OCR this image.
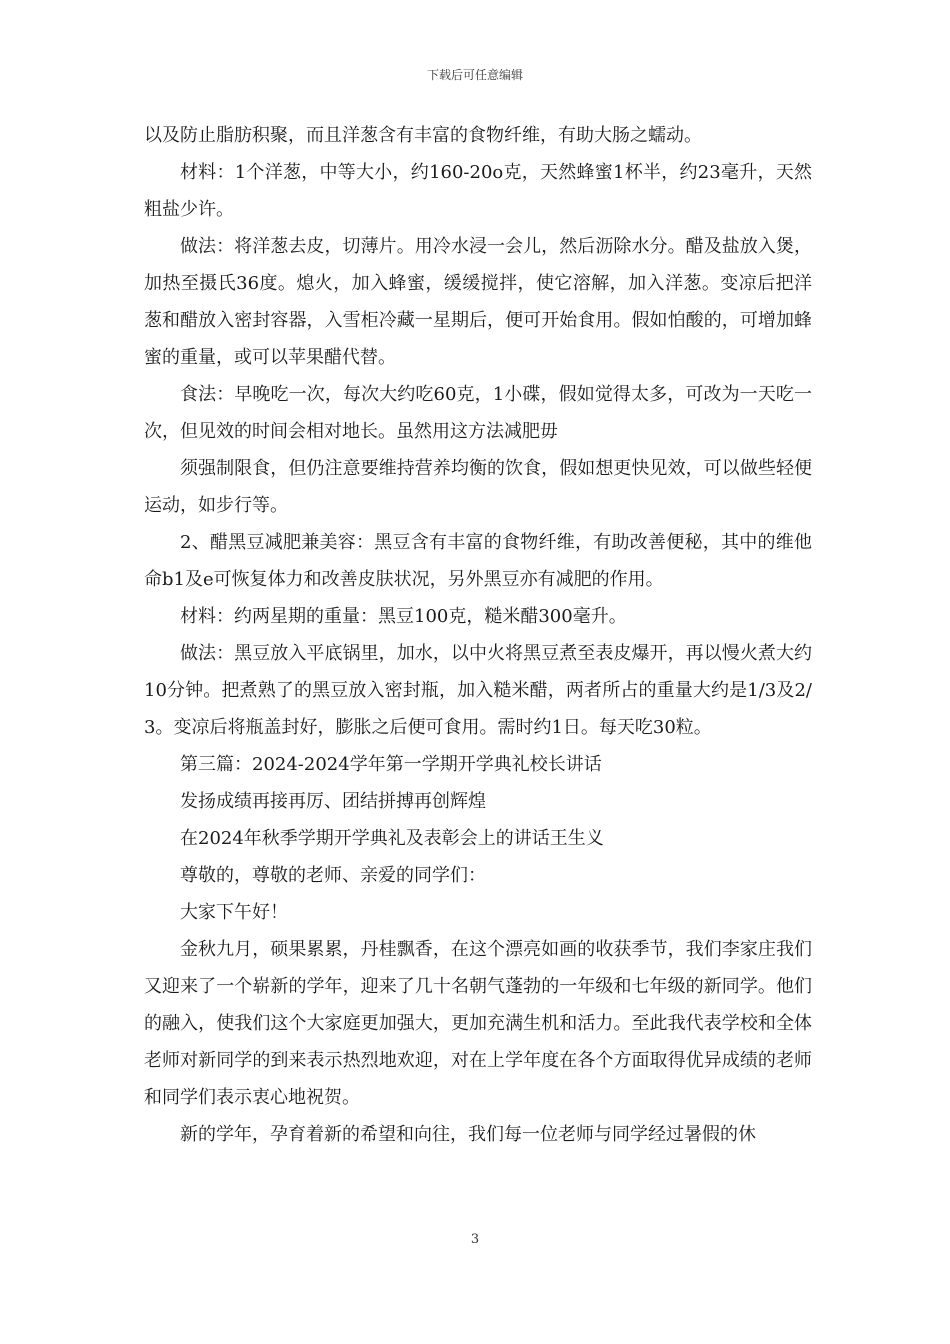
下载后可任意编辑

以及防止脂肪积聚，而且洋葱含有丰富的食物纤维，有助大肠之蠕动。

材料：1个洋葱，中等大小，约160-20o克，天然蜂蜜1杯半，约23毫升，天然粗盐少许。

做法：将洋葱去皮，切薄片。用冷水浸一会儿，然后沥除水分。醋及盐放入煲，加热至摄氏36度。熄火，加入蜂蜜，缓缓搅拌，使它溶解，加入洋葱。变凉后把洋葱和醋放入密封容器，入雪柜冷藏一星期后，便可开始食用。假如怕酸的，可增加蜂蜜的重量，或可以苹果醋代替。

食法：早晚吃一次，每次大约吃60克，1小碟，假如觉得太多，可改为一天吃一次，但见效的时间会相对地长。虽然用这方法减肥毋

须强制限食，但仍注意要维持营养均衡的饮食，假如想更快见效，可以做些轻便运动，如步行等。

2、醋黑豆减肥兼美容：黑豆含有丰富的食物纤维，有助改善便秘，其中的维他命b1及e可恢复体力和改善皮肤状况，另外黑豆亦有减肥的作用。

材料：约两星期的重量：黑豆100克，糙米醋300毫升。

做法：黑豆放入平底锅里，加水，以中火将黑豆煮至表皮爆开，再以慢火煮大约10分钟。把煮熟了的黑豆放入密封瓶，加入糙米醋，两者所占的重量大约是1/3及2/3。变凉后将瓶盖封好，膨胀之后便可食用。需时约1日。每天吃30粒。

第三篇：2024-2024学年第一学期开学典礼校长讲话

发扬成绩再接再厉、团结拼搏再创辉煌

在2024年秋季学期开学典礼及表彰会上的讲话王生义

尊敬的，尊敬的老师、亲爱的同学们：

大家下午好！

金秋九月，硕果累累，丹桂飘香，在这个漂亮如画的收获季节，我们李家庄我们又迎来了一个崭新的学年，迎来了几十名朝气蓬勃的一年级和七年级的新同学。他们的融入，使我们这个大家庭更加强大，更加充满生机和活力。至此我代表学校和全体老师对新同学的到来表示热烈地欢迎，对在上学年度在各个方面取得优异成绩的老师和同学们表示衷心地祝贺。

新的学年，孕育着新的希望和向往，我们每一位老师与同学经过暑假的休

3
